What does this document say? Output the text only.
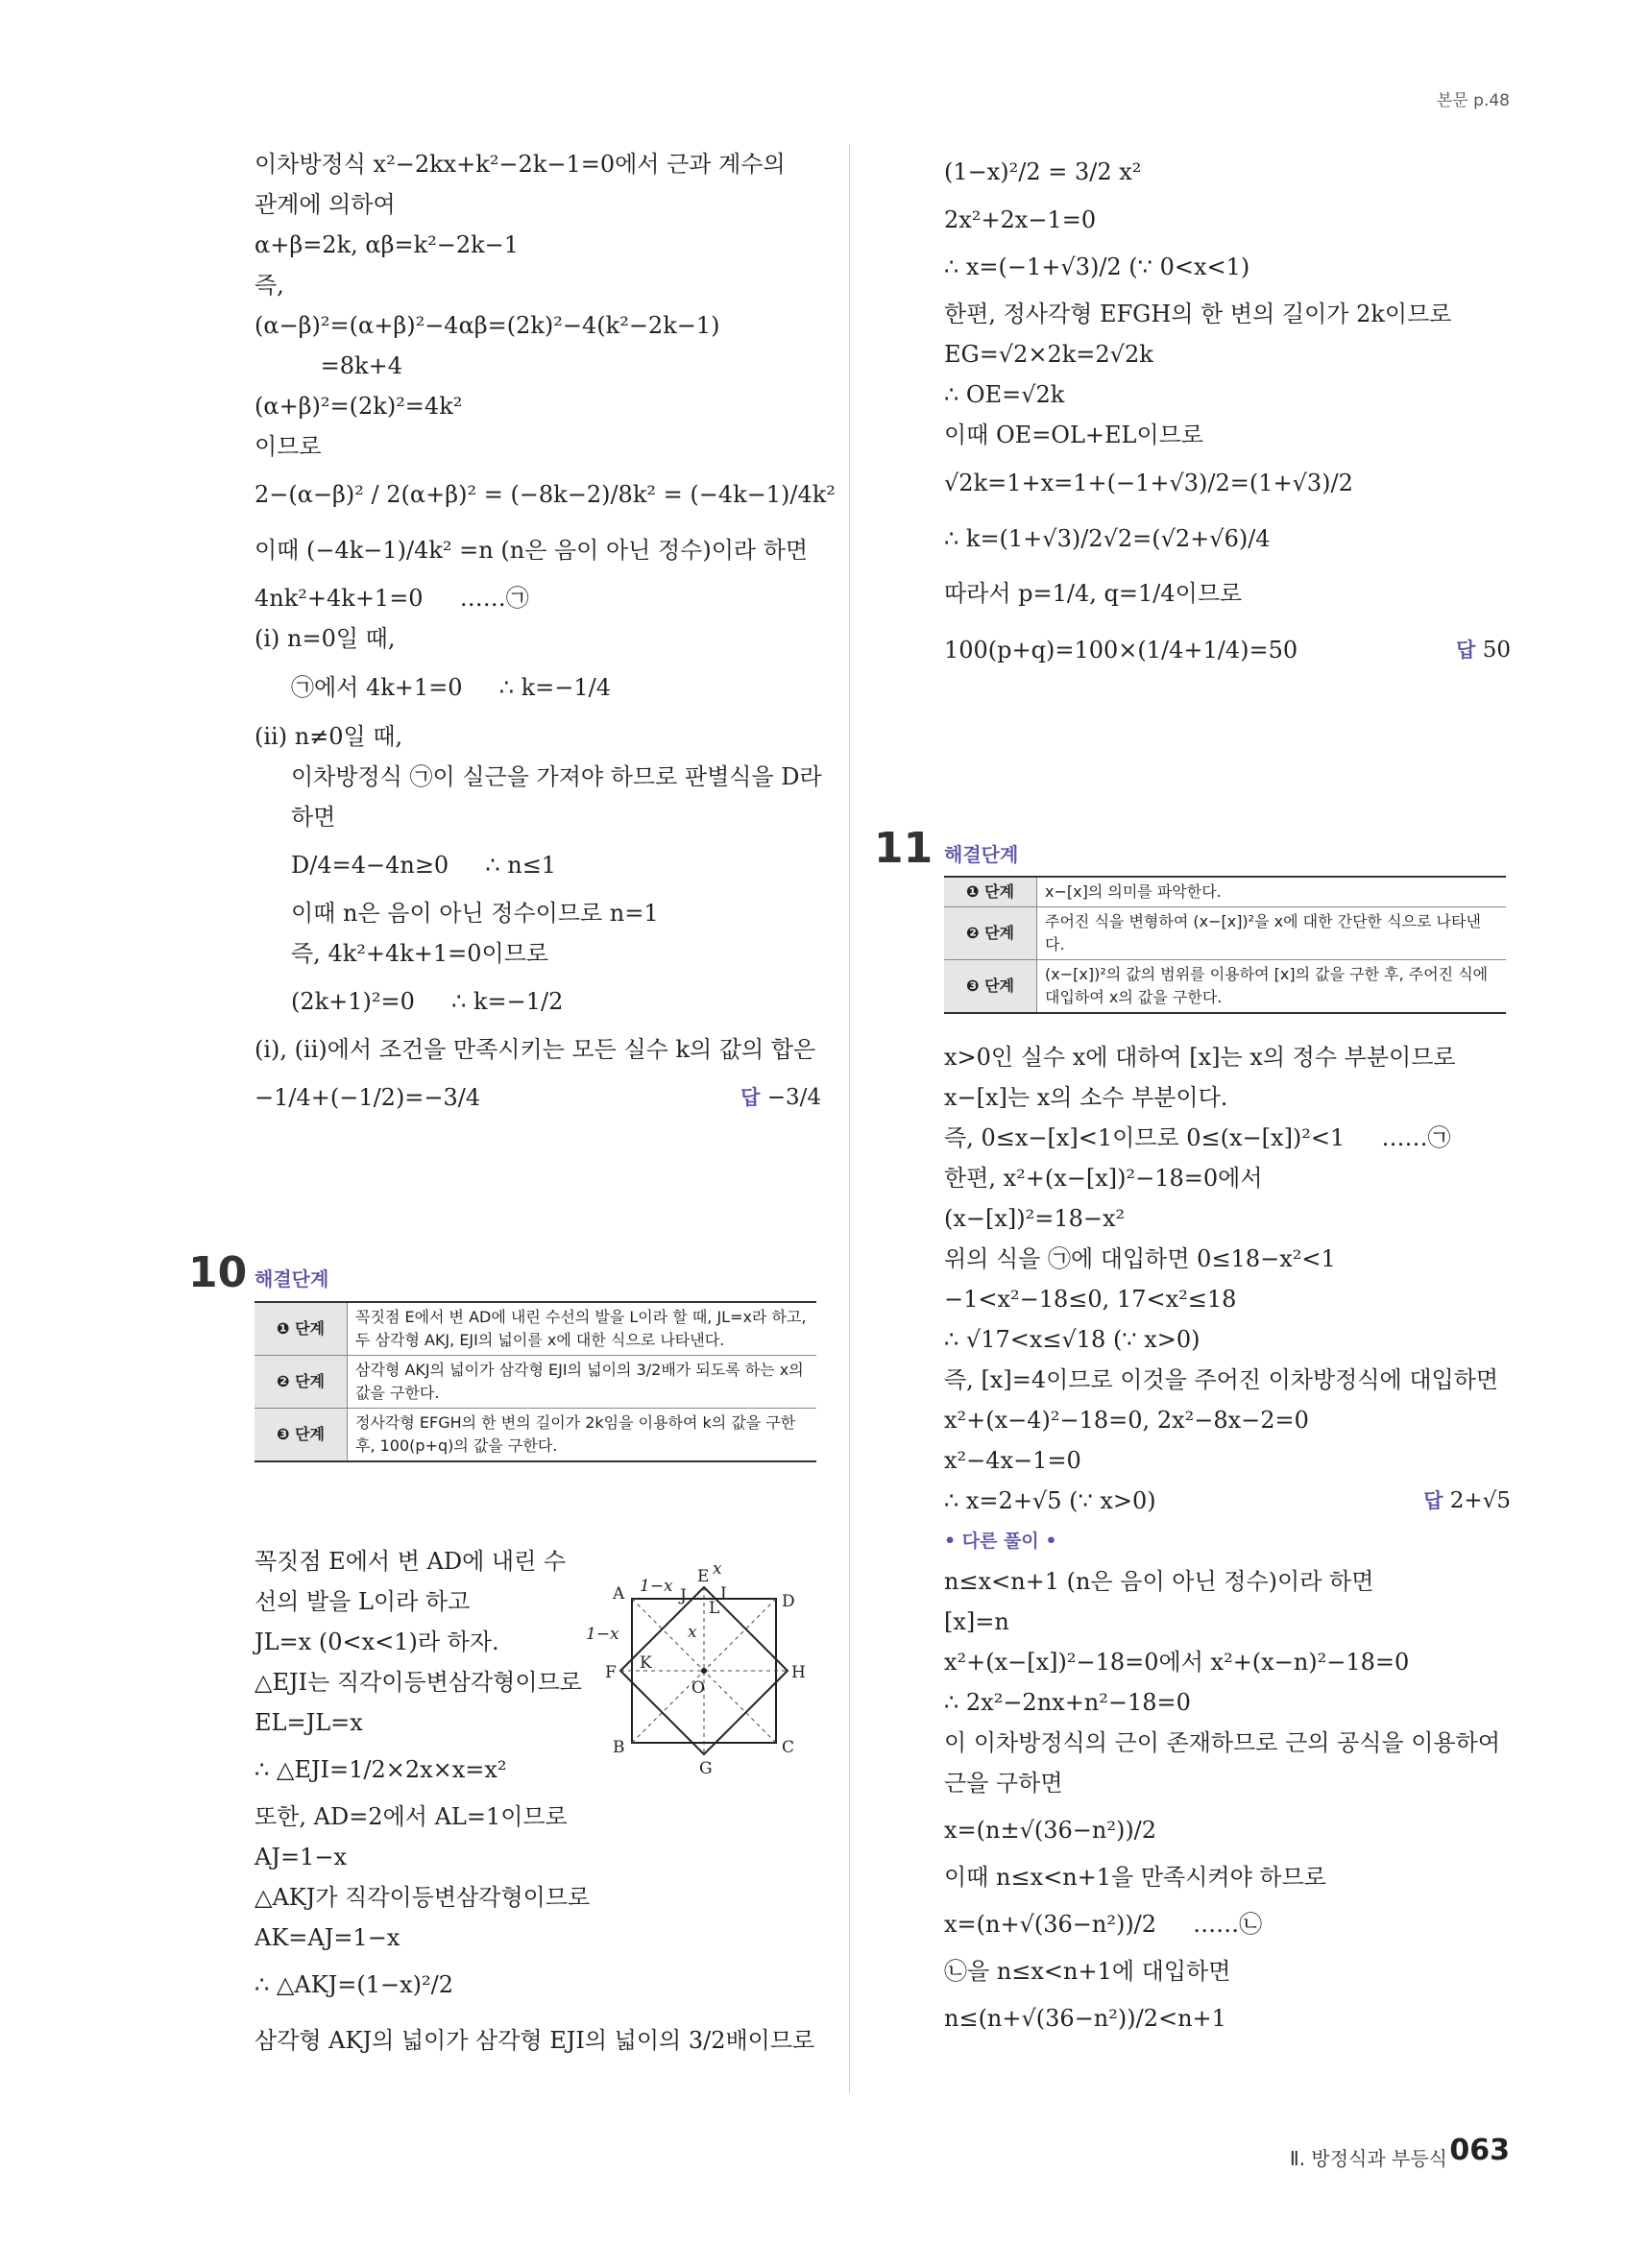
본문 p.48
이차방정식 x²−2kx+k²−2k−1=0에서 근과 계수의
관계에 의하여
α+β=2k, αβ=k²−2k−1
즉,
(α−β)²=(α+β)²−4αβ=(2k)²−4(k²−2k−1)
=8k+4
(α+β)²=(2k)²=4k²
이므로
2−(α−β)² / 2(α+β)² = (−8k−2)/8k² = (−4k−1)/4k²
이때 (−4k−1)/4k² =n (n은 음이 아닌 정수)이라 하면
4nk²+4k+1=0     ……㉠
(ⅰ) n=0일 때,
㉠에서 4k+1=0     ∴ k=−1/4
(ⅱ) n≠0일 때,
이차방정식 ㉠이 실근을 가져야 하므로 판별식을 D라
하면
D/4=4−4n≥0     ∴ n≤1
이때 n은 음이 아닌 정수이므로 n=1
즉, 4k²+4k+1=0이므로
(2k+1)²=0     ∴ k=−1/2
(ⅰ), (ⅱ)에서 조건을 만족시키는 모든 실수 k의 값의 합은
−1/4+(−1/2)=−3/4	답 −3/4
10 해결단계
❶ 단계	꼭짓점 E에서 변 AD에 내린 수선의 발을 L이라 할 때, JL=x라 하고, 두 삼각형 AKJ, EJI의 넓이를 x에 대한 식으로 나타낸다.
❷ 단계	삼각형 AKJ의 넓이가 삼각형 EJI의 넓이의 3/2배가 되도록 하는 x의 값을 구한다.
❸ 단계	정사각형 EFGH의 한 변의 길이가 2k임을 이용하여 k의 값을 구한 후, 100(p+q)의 값을 구한다.
꼭짓점 E에서 변 AD에 내린 수
선의 발을 L이라 하고
JL=x (0<x<1)라 하자.
△EJI는 직각이등변삼각형이므로
EL=JL=x
∴ △EJI=1/2×2x×x=x²
또한, AD=2에서 AL=1이므로
AJ=1−x
△AKJ가 직각이등변삼각형이므로
AK=AJ=1−x
∴ △AKJ=(1−x)²/2
삼각형 AKJ의 넓이가 삼각형 EJI의 넓이의 3/2배이므로
A 1−x J
E x
I
L	D
1−x	x
F K	H
O
B
G
C
(1−x)²/2 = 3/2 x²
2x²+2x−1=0
∴ x=(−1+√3)/2 (∵ 0<x<1)
한편, 정사각형 EFGH의 한 변의 길이가 2k이므로
EG=√2×2k=2√2k
∴ OE=√2k
이때 OE=OL+EL이므로
√2k=1+x=1+(−1+√3)/2=(1+√3)/2
∴ k=(1+√3)/2√2=(√2+√6)/4
따라서 p=1/4, q=1/4이므로
100(p+q)=100×(1/4+1/4)=50	답 50
11 해결단계
❶ 단계	x−[x]의 의미를 파악한다.
❷ 단계	주어진 식을 변형하여 (x−[x])²을 x에 대한 간단한 식으로 나타낸다.
❸ 단계	(x−[x])²의 값의 범위를 이용하여 [x]의 값을 구한 후, 주어진 식에 대입하여 x의 값을 구한다.
x>0인 실수 x에 대하여 [x]는 x의 정수 부분이므로
x−[x]는 x의 소수 부분이다.
즉, 0≤x−[x]<1이므로 0≤(x−[x])²<1     ……㉠
한편, x²+(x−[x])²−18=0에서
(x−[x])²=18−x²
위의 식을 ㉠에 대입하면 0≤18−x²<1
−1<x²−18≤0, 17<x²≤18
∴ √17<x≤√18 (∵ x>0)
즉, [x]=4이므로 이것을 주어진 이차방정식에 대입하면
x²+(x−4)²−18=0, 2x²−8x−2=0
x²−4x−1=0
∴ x=2+√5 (∵ x>0)	답 2+√5
• 다른 풀이 •
n≤x<n+1 (n은 음이 아닌 정수)이라 하면
[x]=n
x²+(x−[x])²−18=0에서 x²+(x−n)²−18=0
∴ 2x²−2nx+n²−18=0
이 이차방정식의 근이 존재하므로 근의 공식을 이용하여
근을 구하면
x=(n±√(36−n²))/2
이때 n≤x<n+1을 만족시켜야 하므로
x=(n+√(36−n²))/2     ……㉡
㉡을 n≤x<n+1에 대입하면
n≤(n+√(36−n²))/2<n+1
Ⅱ. 방정식과 부등식 063
